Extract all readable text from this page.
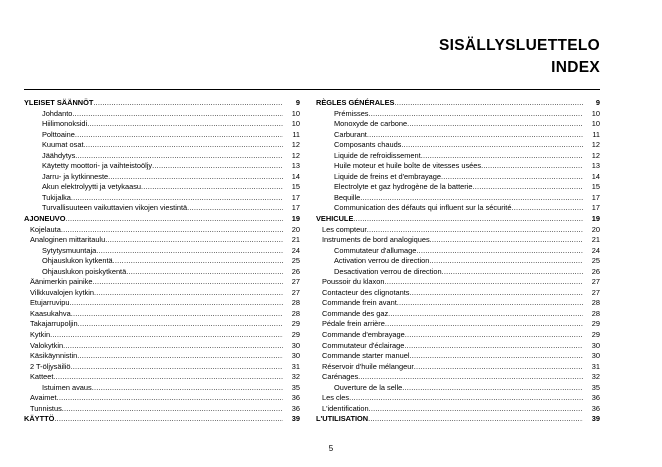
SISÄLLYSLUETTELO
INDEX
YLEISET SÄÄNNÖT .....	9
Johdanto .....	10
Hiilimonoksidi .....	10
Polttoaine .....	11
Kuumat osat .....	12
Jäähdytys .....	12
Käytetty moottori- ja vaihteistoöljy .....	13
Jarru- ja kytkinneste .....	14
Akun elektrolyytti ja vetykaasu .....	15
Tukijalka .....	17
Turvallisuuteen vaikuttavien vikojen viestintä .....	17
AJONEUVO .....	19
Kojelauta .....	20
Analoginen mittaritaulu .....	21
Sytytysmuuntaja .....	24
Ohjauslukon kytkentä .....	25
Ohjauslukon poiskytkentä .....	26
Äänimerkin painike .....	27
Vilkkuvalojen kytkin .....	27
Etujarruvipu .....	28
Kaasukahva .....	28
Takajarrupoljin .....	29
Kytkin .....	29
Valokytkin .....	30
Käsikäynnistin .....	30
2 T-öljysäiliö .....	31
Katteet .....	32
Istuimen avaus .....	35
Avaimet .....	36
Tunnistus .....	36
KÄYTTÖ .....	39
RÈGLES GÉNÉRALES .....	9
Prémisses .....	10
Monoxyde de carbone .....	10
Carburant .....	11
Composants chauds .....	12
Liquide de refroidissement .....	12
Huile moteur et huile boîte de vitesses usées .....	13
Liquide de freins et d'embrayage .....	14
Electrolyte et gaz hydrogène de la batterie .....	15
Bequille .....	17
Communication des défauts qui influent sur la sécurité .....	17
VEHICULE .....	19
Les compteur .....	20
Instruments de bord analogiques .....	21
Commutateur d'allumage .....	24
Activation verrou de direction .....	25
Desactivation verrou de direction .....	26
Poussoir du klaxon .....	27
Contacteur des clignotants .....	27
Commande frein avant .....	28
Commande des gaz .....	28
Pédale frein arrière .....	29
Commande d'embrayage .....	29
Commutateur d'éclairage .....	30
Commande starter manuel .....	30
Réservoir d'huile mélangeur .....	31
Carénages .....	32
Ouverture de la selle .....	35
Les cles .....	36
L'identification .....	36
L'UTILISATION .....	39
5
